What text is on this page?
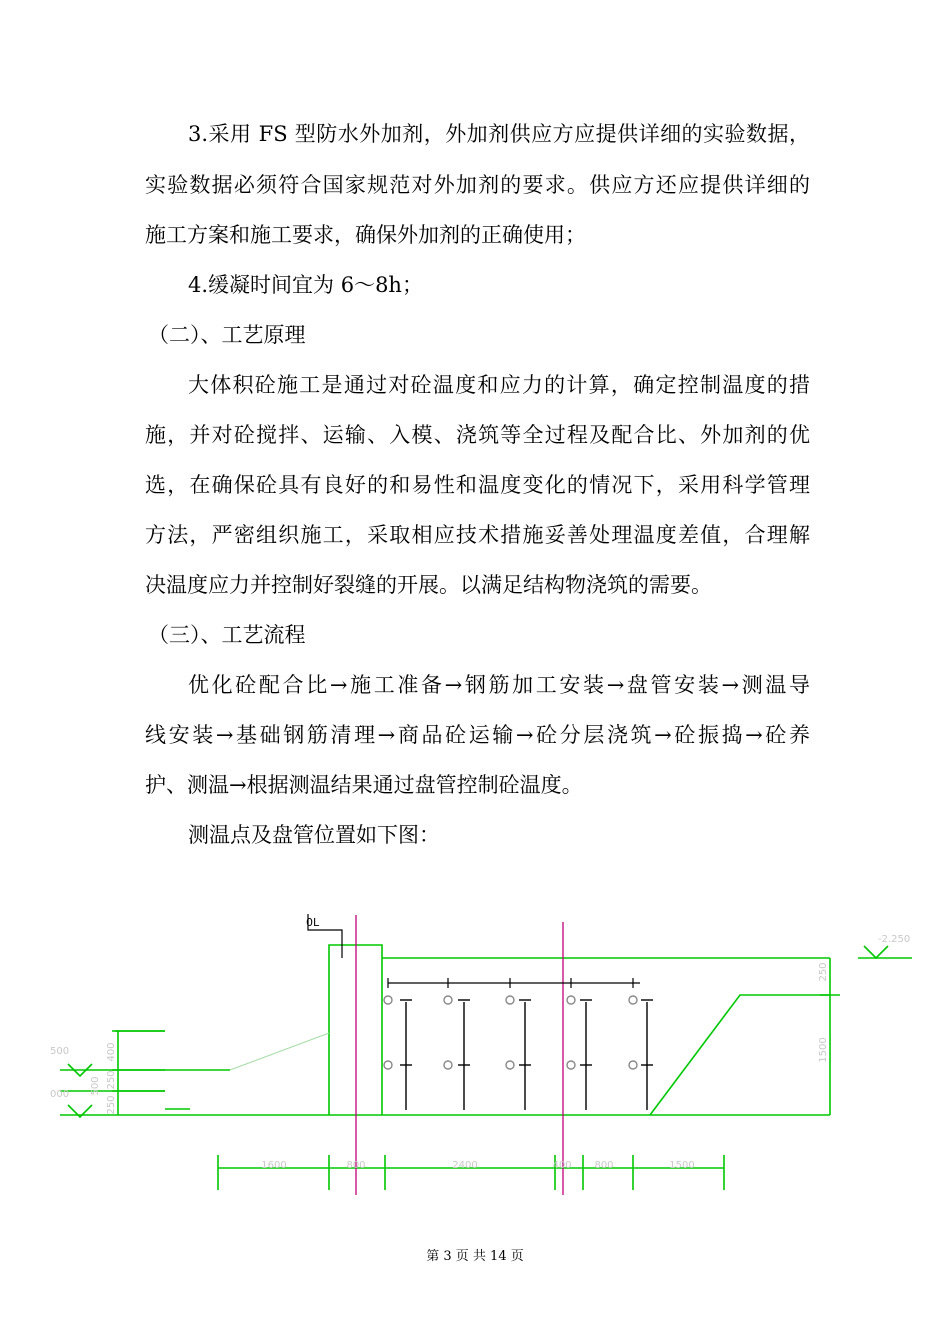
3.采用 FS 型防水外加剂，外加剂供应方应提供详细的实验数据，
实验数据必须符合国家规范对外加剂的要求。供应方还应提供详细的
施工方案和施工要求，确保外加剂的正确使用；
4.缓凝时间宜为 6～8h；
（二）、工艺原理
大体积砼施工是通过对砼温度和应力的计算，确定控制温度的措
施，并对砼搅拌、运输、入模、浇筑等全过程及配合比、外加剂的优
选，在确保砼具有良好的和易性和温度变化的情况下，采用科学管理
方法，严密组织施工，采取相应技术措施妥善处理温度差值，合理解
决温度应力并控制好裂缝的开展。以满足结构物浇筑的需要。
（三）、工艺流程
优化砼配合比→施工准备→钢筋加工安装→盘管安装→测温导
线安装→基础钢筋清理→商品砼运输→砼分层浇筑→砼振捣→砼养
护、测温→根据测温结果通过盘管控制砼温度。
测温点及盘管位置如下图：
1600	800	2400	400 800	1500
500
000
400
250
500
250
250
1500
-2.250
0L
第 3 页 共 14 页
